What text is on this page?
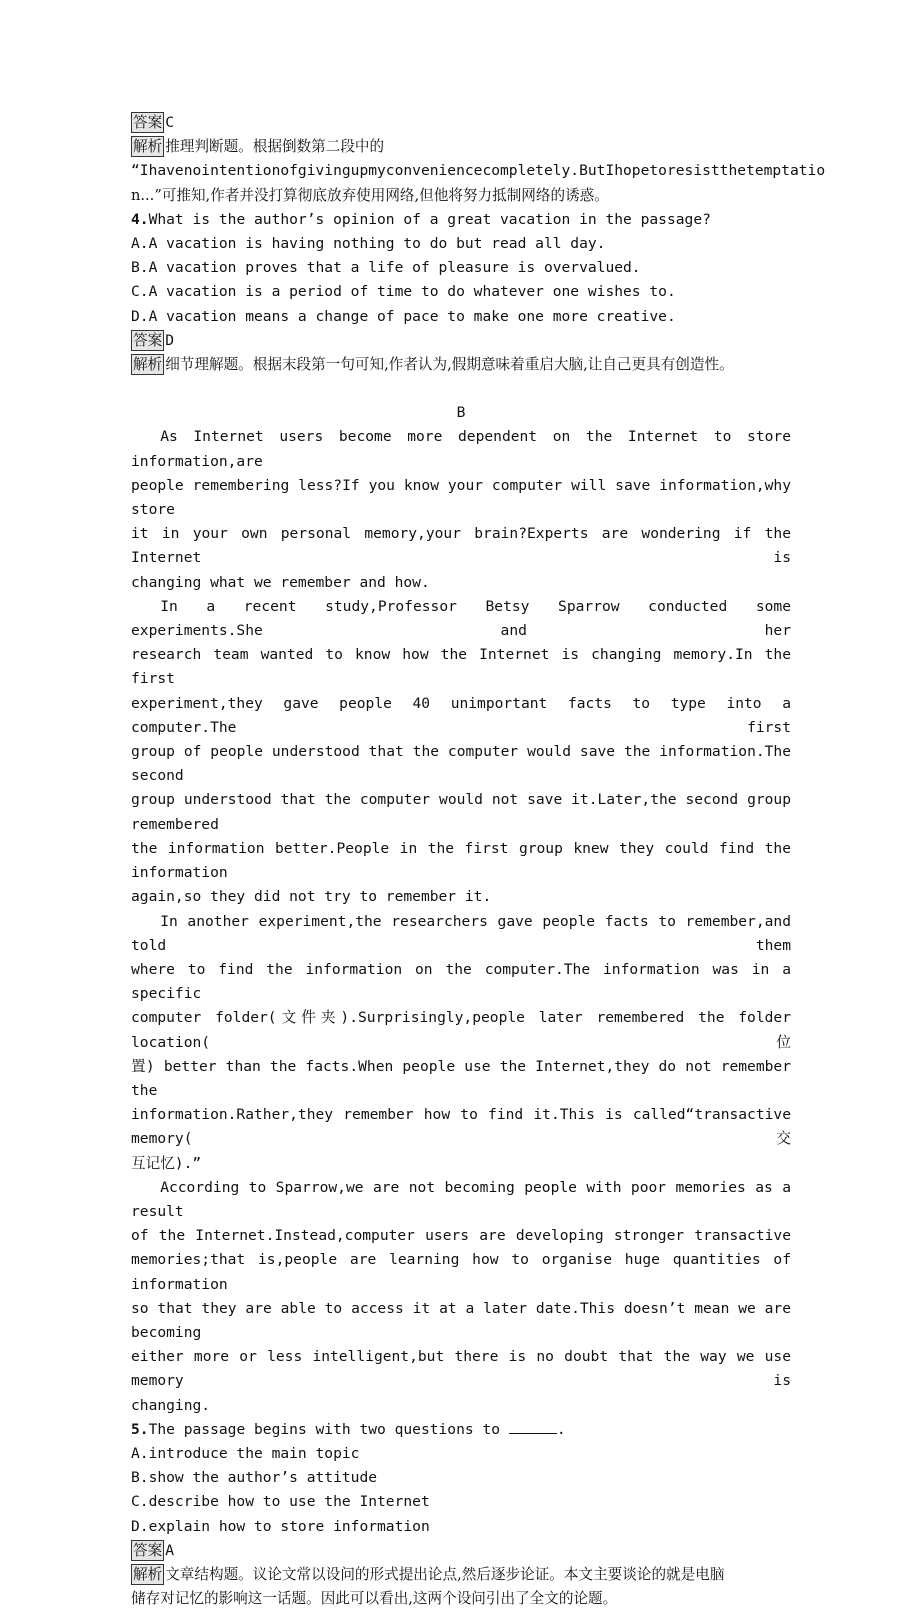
答案 C
解析 推理判断题。根据倒数第二段中的
“Ihavenointentionofgivingupmyconveniencecompletely.ButIhopetoresistthetemptatio
n...”可推知,作者并没打算彻底放弃使用网络,但他将努力抵制网络的诱惑。
4.What is the author’s opinion of a great vacation in the passage?
A.A vacation is having nothing to do but read all day.
B.A vacation proves that a life of pleasure is overvalued.
C.A vacation is a period of time to do whatever one wishes to.
D.A vacation means a change of pace to make one more creative.
答案 D
解析 细节理解题。根据末段第一句可知,作者认为,假期意味着重启大脑,让自己更具有创造性。
B
As Internet users become more dependent on the Internet to store information,are
people remembering less?If you know your computer will save information,why store
it in your own personal memory,your brain?Experts are wondering if the Internet is
changing what we remember and how.
In a recent study,Professor Betsy Sparrow conducted some experiments.She and her
research team wanted to know how the Internet is changing memory.In the first
experiment,they gave people 40 unimportant facts to type into a computer.The first
group of people understood that the computer would save the information.The second
group understood that the computer would not save it.Later,the second group remembered
the information better.People in the first group knew they could find the information
again,so they did not try to remember it.
In another experiment,the researchers gave people facts to remember,and told them
where to find the information on the computer.The information was in a specific
computer folder(文件夹).Surprisingly,people later remembered the folder location(位
置) better than the facts.When people use the Internet,they do not remember the
information.Rather,they remember how to find it.This is called“transactive memory(交
互记忆).”
According to Sparrow,we are not becoming people with poor memories as a result
of the Internet.Instead,computer users are developing stronger transactive
memories;that is,people are learning how to organise huge quantities of information
so that they are able to access it at a later date.This doesn’t mean we are becoming
either more or less intelligent,but there is no doubt that the way we use memory is
changing.
5.The passage begins with two questions to	.
A.introduce the main topic
B.show the author’s attitude
C.describe how to use the Internet
D.explain how to store information
答案 A
解析 文章结构题。议论文常以设问的形式提出论点,然后逐步论证。本文主要谈论的就是电脑
储存对记忆的影响这一话题。因此可以看出,这两个设问引出了全文的论题。
